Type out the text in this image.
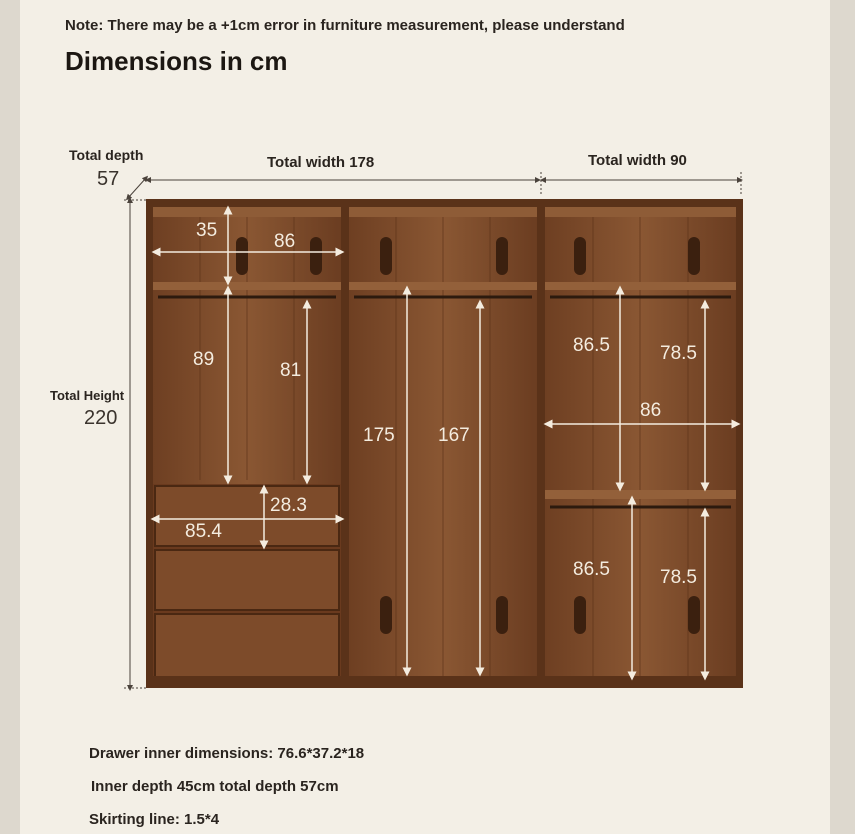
Note: There may be a +1cm error in furniture measurement, please understand
Dimensions in cm
Total depth
57
Total Height
220
Total width 178	Total width 90
35
86
89
81
28.3
85.4
175 167
86.5	78.5
86
86.5	78.5
Drawer inner dimensions: 76.6*37.2*18
Inner depth 45cm total depth 57cm
Skirting line: 1.5*4
